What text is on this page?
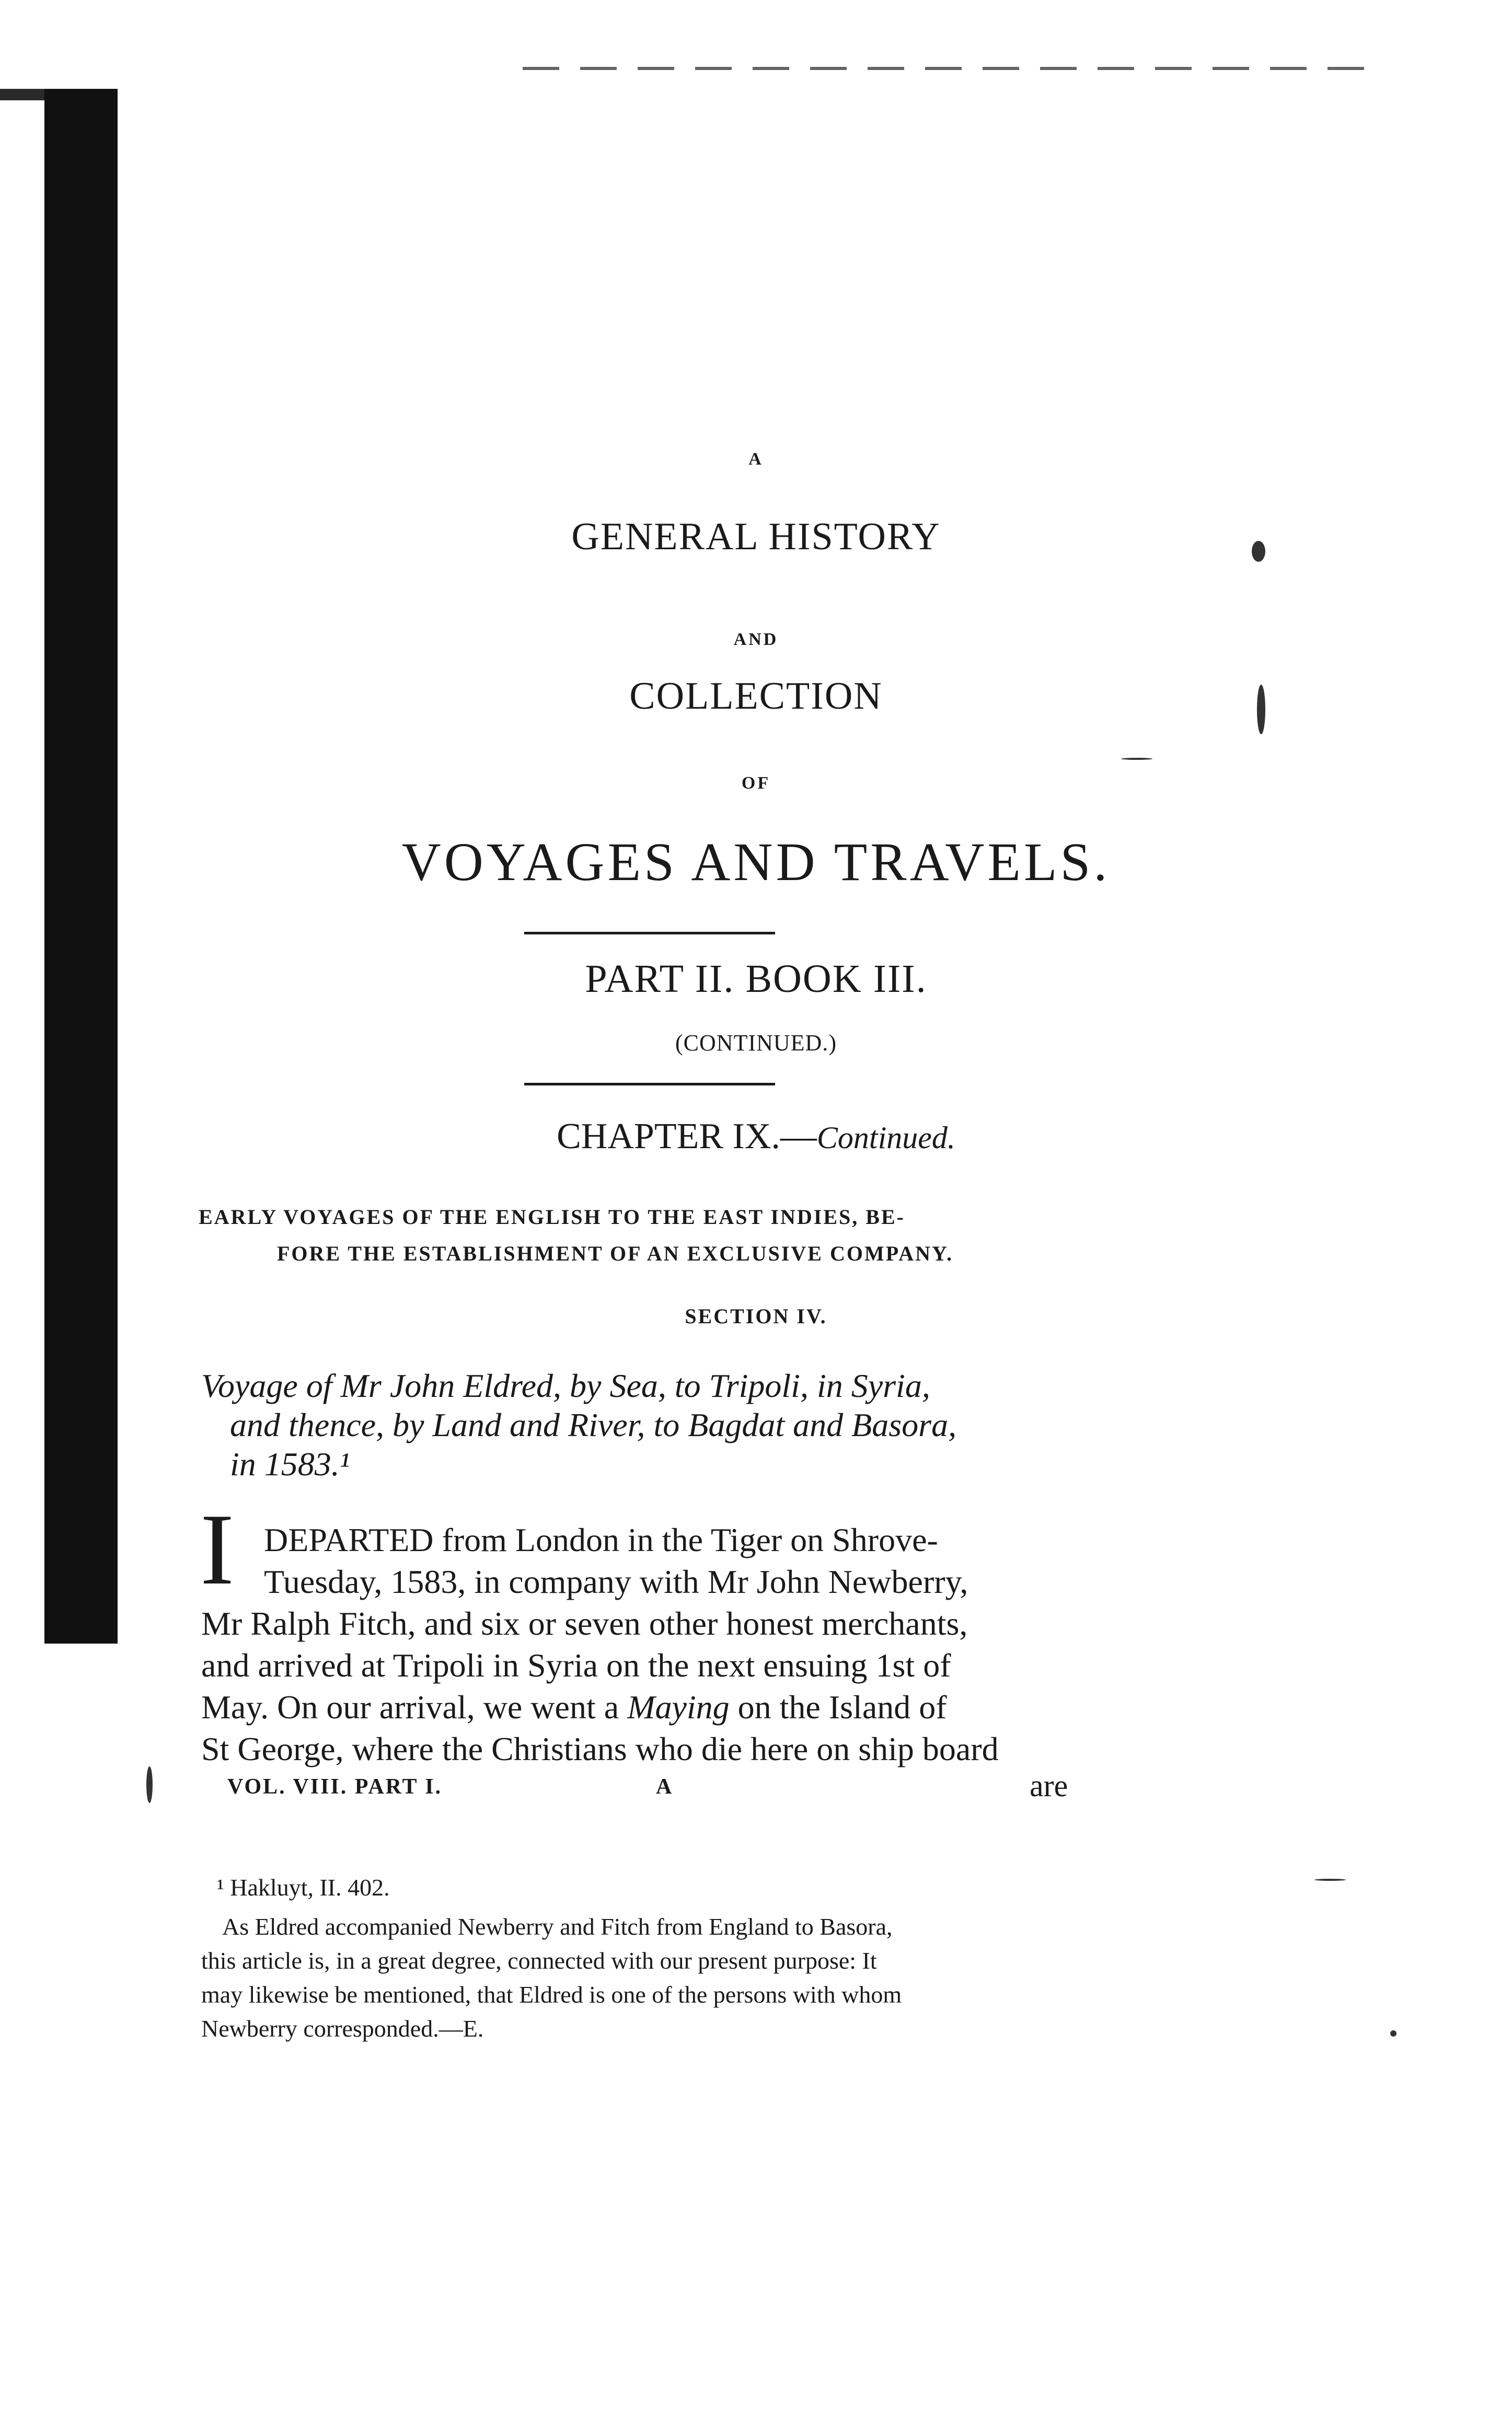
A
GENERAL HISTORY
AND
COLLECTION
OF
VOYAGES AND TRAVELS.
PART II. BOOK III.
(CONTINUED.)
CHAPTER IX.—Continued.
EARLY VOYAGES OF THE ENGLISH TO THE EAST INDIES, BE-
FORE THE ESTABLISHMENT OF AN EXCLUSIVE COMPANY.
SECTION IV.
Voyage of Mr John Eldred, by Sea, to Tripoli, in Syria,
and thence, by Land and River, to Bagdat and Basora,
in 1583.¹
I DEPARTED from London in the Tiger on Shrove-
Tuesday, 1583, in company with Mr John Newberry,
Mr Ralph Fitch, and six or seven other honest merchants,
and arrived at Tripoli in Syria on the next ensuing 1st of
May. On our arrival, we went a Maying on the Island of
St George, where the Christians who die here on ship board
VOL. VIII. PART I.	A	are
¹ Hakluyt, II. 402.
As Eldred accompanied Newberry and Fitch from England to Basora,
this article is, in a great degree, connected with our present purpose: It
may likewise be mentioned, that Eldred is one of the persons with whom
Newberry corresponded.—E.
